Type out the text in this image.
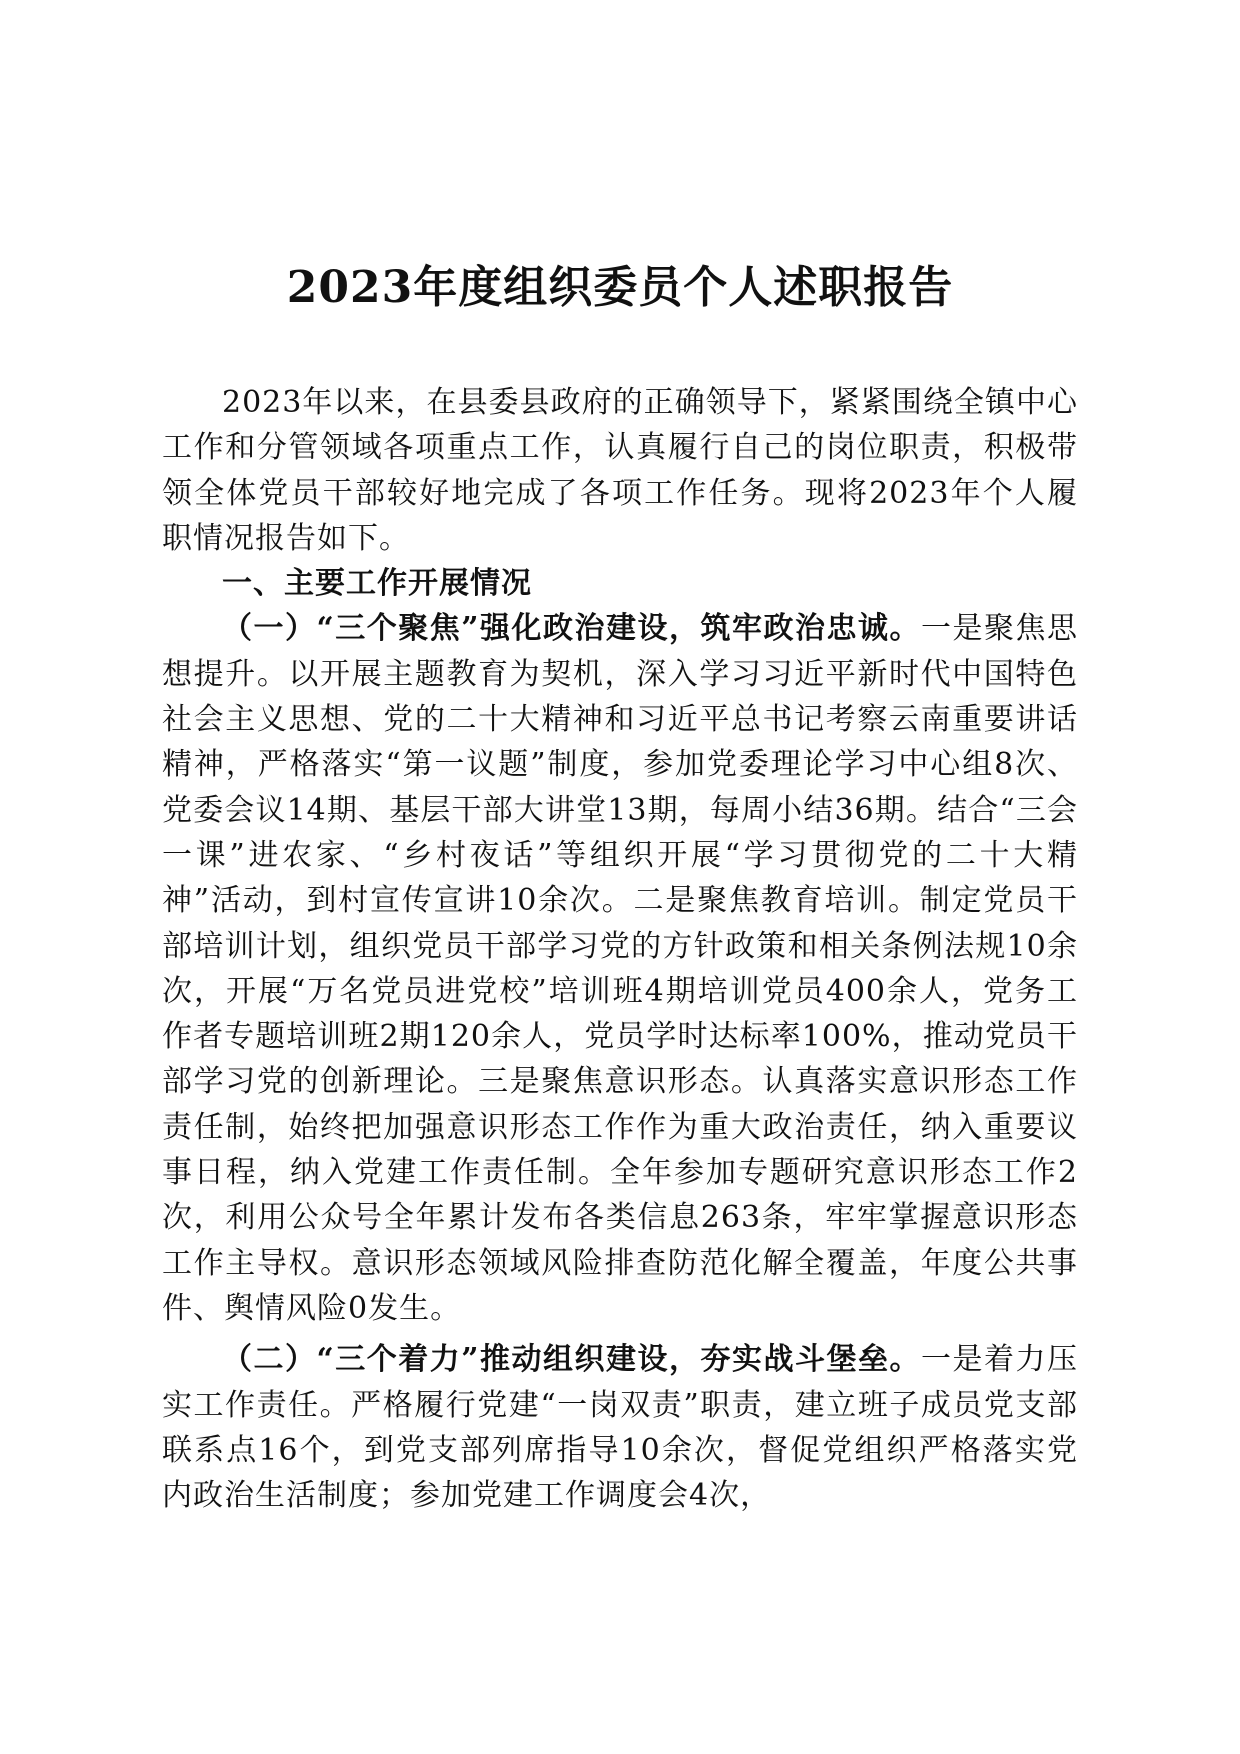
2023年度组织委员个人述职报告

2023年以来，在县委县政府的正确领导下，紧紧围绕全镇中心工作和分管领域各项重点工作，认真履行自己的岗位职责，积极带领全体党员干部较好地完成了各项工作任务。现将2023年个人履职情况报告如下。

一、主要工作开展情况

（一）“三个聚焦”强化政治建设，筑牢政治忠诚。一是聚焦思想提升。以开展主题教育为契机，深入学习习近平新时代中国特色社会主义思想、党的二十大精神和习近平总书记考察云南重要讲话精神，严格落实“第一议题”制度，参加党委理论学习中心组8次、党委会议14期、基层干部大讲堂13期，每周小结36期。结合“三会一课”进农家、“乡村夜话”等组织开展“学习贯彻党的二十大精神”活动，到村宣传宣讲10余次。二是聚焦教育培训。制定党员干部培训计划，组织党员干部学习党的方针政策和相关条例法规10余次，开展“万名党员进党校”培训班4期培训党员400余人，党务工作者专题培训班2期120余人，党员学时达标率100%，推动党员干部学习党的创新理论。三是聚焦意识形态。认真落实意识形态工作责任制，始终把加强意识形态工作作为重大政治责任，纳入重要议事日程，纳入党建工作责任制。全年参加专题研究意识形态工作2次，利用公众号全年累计发布各类信息263条，牢牢掌握意识形态工作主导权。意识形态领域风险排查防范化解全覆盖，年度公共事件、舆情风险0发生。

（二）“三个着力”推动组织建设，夯实战斗堡垒。一是着力压实工作责任。严格履行党建“一岗双责”职责，建立班子成员党支部联系点16个，到党支部列席指导10余次，督促党组织严格落实党内政治生活制度；参加党建工作调度会4次，
